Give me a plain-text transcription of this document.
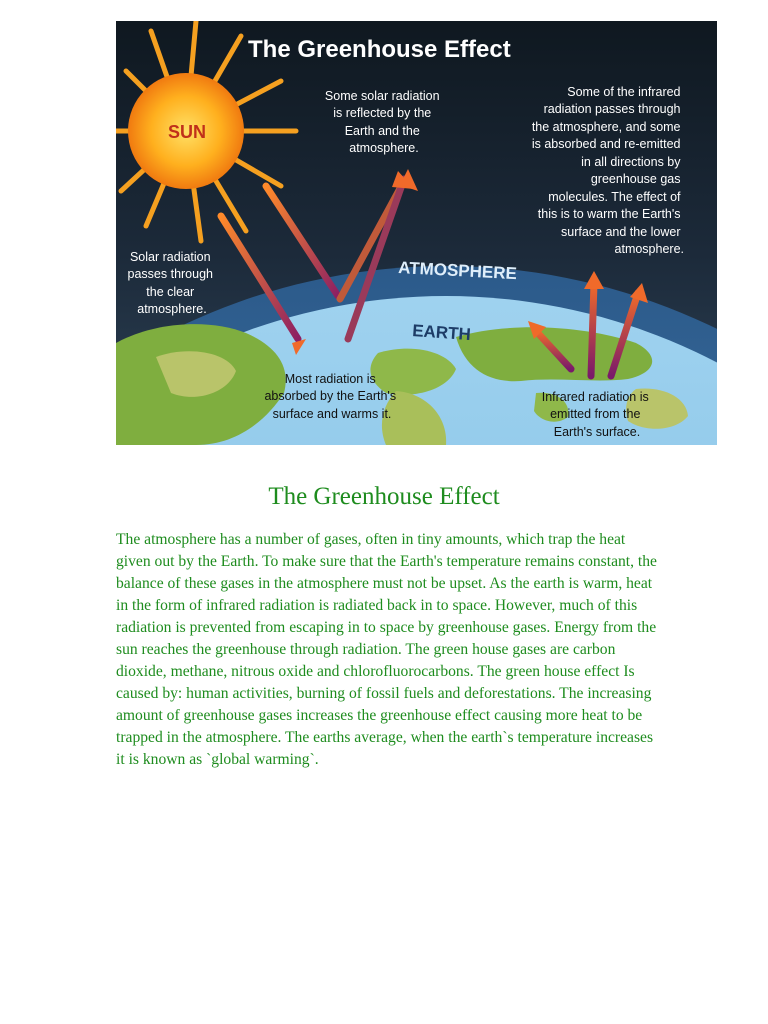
The Greenhouse Effect
SUN
ATMOSPHERE
EARTH
Solar radiation passes through the clear atmosphere.
Some solar radiation is reflected by the Earth and the atmosphere.
Some of the infrared radiation passes through the atmosphere, and some is absorbed and re-emitted in all directions by greenhouse gas molecules. The effect of this is to warm the Earth's surface and the lower atmosphere.
Most radiation is absorbed by the Earth's surface and warms it.
Infrared radiation is emitted from the Earth's surface.
The Greenhouse Effect

The atmosphere has a number of gases, often in tiny amounts, which trap the heat given out by the Earth. To make sure that the Earth's temperature remains constant, the balance of these gases in the atmosphere must not be upset. As the earth is warm, heat in the form of infrared radiation is radiated back in to space. However, much of this radiation is prevented from escaping in to space by greenhouse gases. Energy from the sun reaches the greenhouse through radiation. The green house gases are carbon dioxide, methane, nitrous oxide and chlorofluorocarbons. The green house effect Is caused by: human activities, burning of fossil fuels and deforestations. The increasing amount of greenhouse gases increases the greenhouse effect causing more heat to be trapped in the atmosphere. The earths average, when the earth`s temperature increases it is known as `global warming`.
